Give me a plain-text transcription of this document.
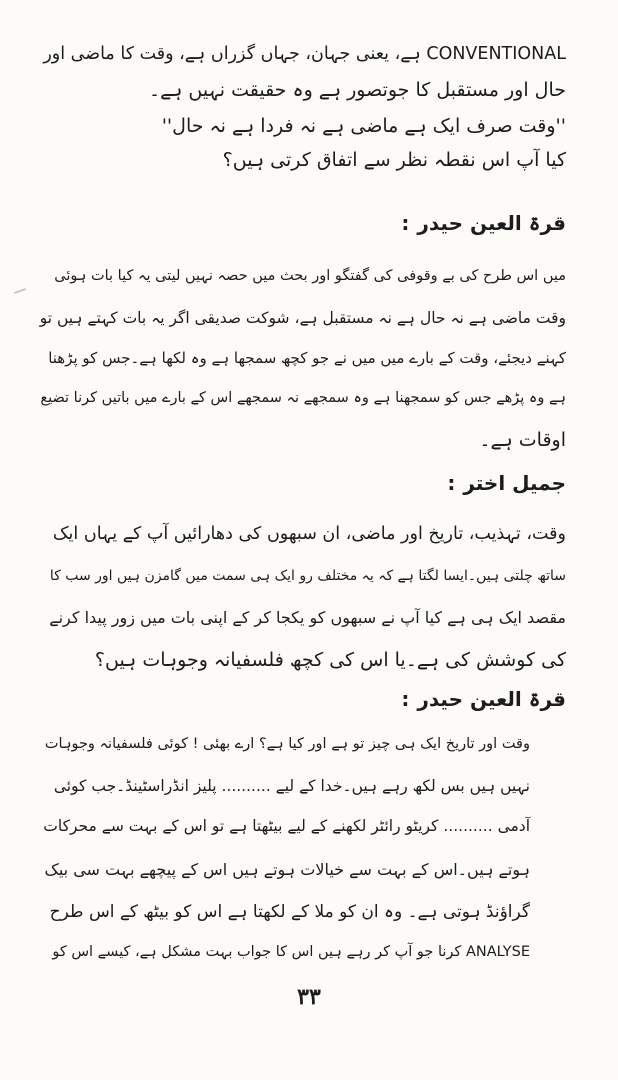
CONVENTIONAL ہے، یعنی جہان، جہاں گزراں ہے، وقت کا ماضی اور
حال اور مستقبل کا جوتصور ہے وہ حقیقت نہیں ہے۔
''وقت صرف ایک ہے ماضی ہے نہ فردا ہے نہ حال''
کیا آپ اس نقطہ نظر سے اتفاق کرتی ہیں؟
قرۃ العین حیدر:
میں اس طرح کی بے وقوفی کی گفتگو اور بحث میں حصہ نہیں لیتی یہ کیا بات ہوئی
وقت ماضی ہے نہ حال ہے نہ مستقبل ہے، شوکت صدیقی اگر یہ بات کہتے ہیں تو
کہنے دیجئے، وقت کے بارے میں میں نے جو کچھ سمجھا ہے وہ لکھا ہے۔جس کو پڑھنا
ہے وہ پڑھے جس کو سمجھنا ہے وہ سمجھے نہ سمجھے اس کے بارے میں باتیں کرنا تضیع
اوقات ہے۔
جمیل اختر:
وقت، تہذیب، تاریخ اور ماضی، ان سبھوں کی دھارائیں آپ کے یہاں ایک
ساتھ چلتی ہیں۔ایسا لگتا ہے کہ یہ مختلف رو ایک ہی سمت میں گامزن ہیں اور سب کا
مقصد ایک ہی ہے کیا آپ نے سبھوں کو یکجا کر کے اپنی بات میں زور پیدا کرنے
کی کوشش کی ہے۔یا اس کی کچھ فلسفیانہ وجوہات ہیں؟
قرۃ العین حیدر:
وقت اور تاریخ ایک ہی چیز تو ہے اور کیا ہے؟ ارے بھئی ! کوئی فلسفیانہ وجوہات
نہیں ہیں بس لکھ رہے ہیں۔خدا کے لیے .......... پلیز انڈراسٹینڈ۔جب کوئی
آدمی .......... کریٹو رائٹر لکھنے کے لیے بیٹھتا ہے تو اس کے بہت سے محرکات
ہوتے ہیں۔اس کے بہت سے خیالات ہوتے ہیں اس کے پیچھے بہت سی بیک
گراؤنڈ ہوتی ہے۔ وہ ان کو ملا کے لکھتا ہے اس کو بیٹھ کے اس طرح
ANALYSE کرنا جو آپ کر رہے ہیں اس کا جواب بہت مشکل ہے، کیسے اس کو
۳۳
